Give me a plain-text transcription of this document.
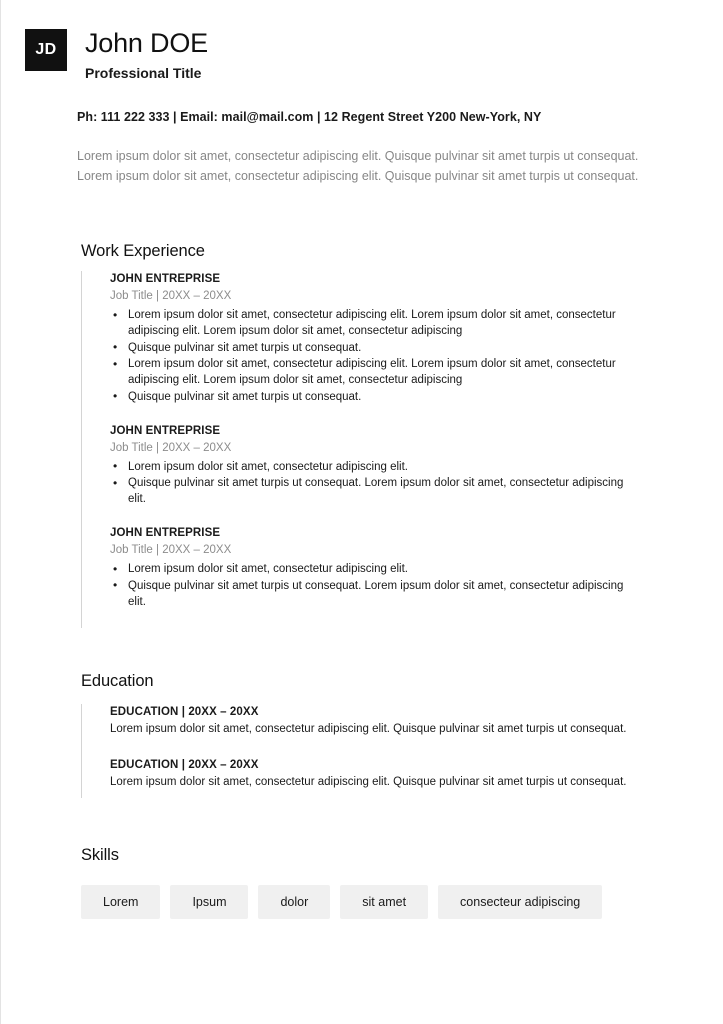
JD	John DOE
Professional Title
Ph: 111 222 333 | Email: mail@mail.com | 12 Regent Street Y200 New-York, NY
Lorem ipsum dolor sit amet, consectetur adipiscing elit. Quisque pulvinar sit amet turpis ut consequat. Lorem ipsum dolor sit amet, consectetur adipiscing elit. Quisque pulvinar sit amet turpis ut consequat.
Work Experience
JOHN ENTREPRISE
Job Title | 20XX – 20XX
• Lorem ipsum dolor sit amet, consectetur adipiscing elit. Lorem ipsum dolor sit amet, consectetur adipiscing elit. Lorem ipsum dolor sit amet, consectetur adipiscing
• Quisque pulvinar sit amet turpis ut consequat.
• Lorem ipsum dolor sit amet, consectetur adipiscing elit. Lorem ipsum dolor sit amet, consectetur adipiscing elit. Lorem ipsum dolor sit amet, consectetur adipiscing
• Quisque pulvinar sit amet turpis ut consequat.
JOHN ENTREPRISE
Job Title | 20XX – 20XX
• Lorem ipsum dolor sit amet, consectetur adipiscing elit.
• Quisque pulvinar sit amet turpis ut consequat. Lorem ipsum dolor sit amet, consectetur adipiscing elit.
JOHN ENTREPRISE
Job Title | 20XX – 20XX
• Lorem ipsum dolor sit amet, consectetur adipiscing elit.
• Quisque pulvinar sit amet turpis ut consequat. Lorem ipsum dolor sit amet, consectetur adipiscing elit.
Education
EDUCATION | 20XX – 20XX
Lorem ipsum dolor sit amet, consectetur adipiscing elit. Quisque pulvinar sit amet turpis ut consequat.
EDUCATION | 20XX – 20XX
Lorem ipsum dolor sit amet, consectetur adipiscing elit. Quisque pulvinar sit amet turpis ut consequat.
Skills
Lorem	Ipsum	dolor	sit amet	consecteur adipiscing
